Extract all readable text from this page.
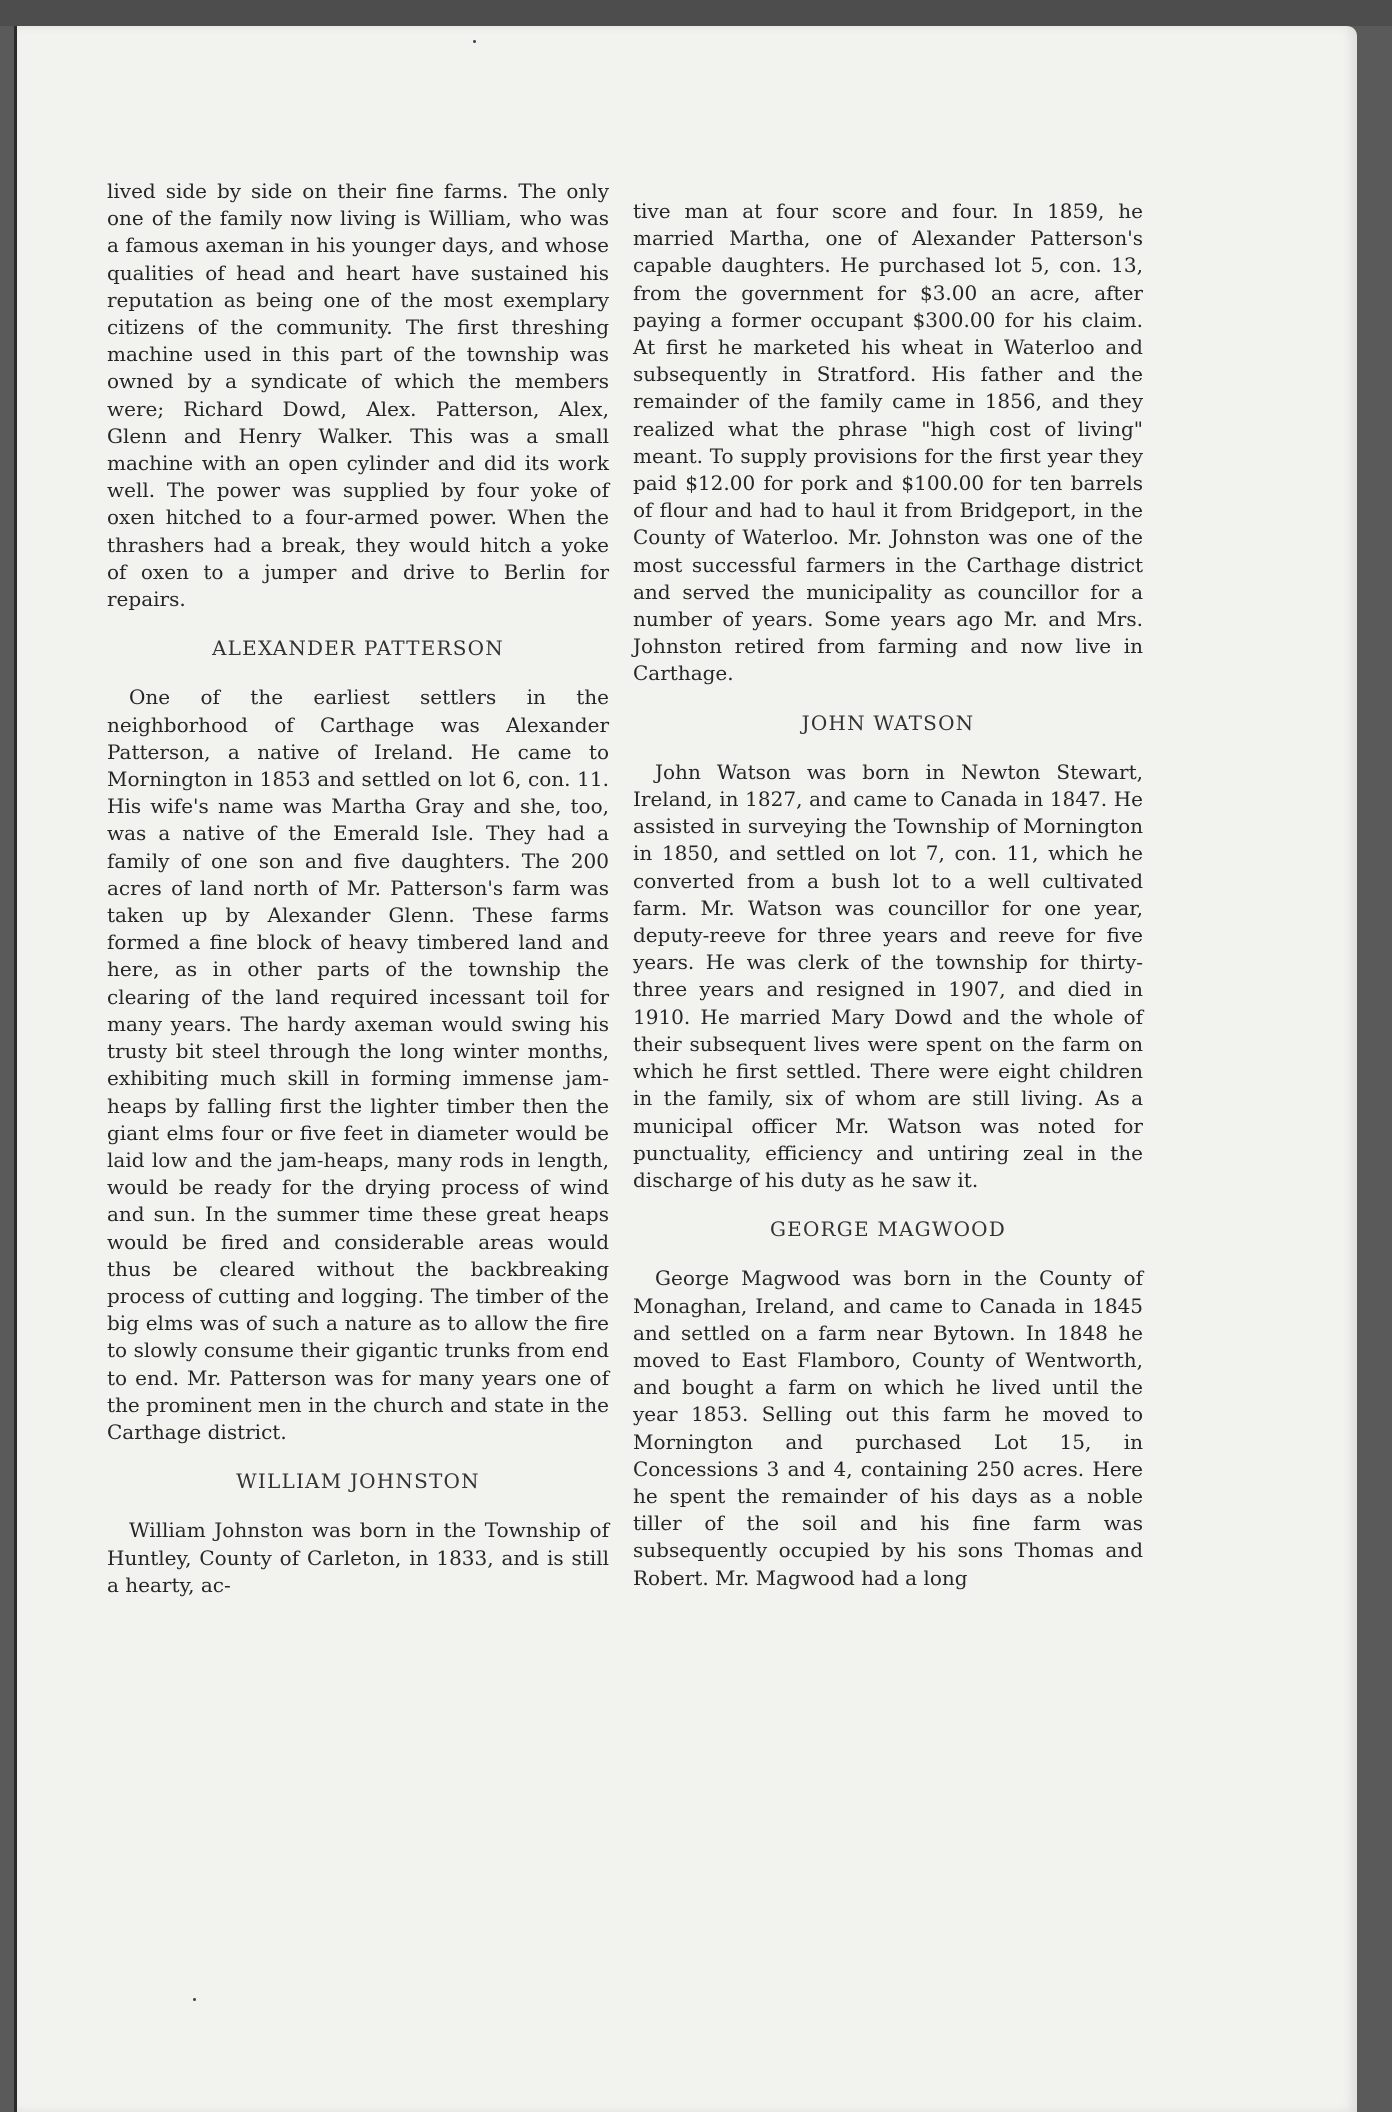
lived side by side on their fine farms. The only one of the family now living is William, who was a famous axeman in his younger days, and whose qualities of head and heart have sustained his reputation as being one of the most exemplary citizens of the community. The first threshing machine used in this part of the township was owned by a syndicate of which the members were; Richard Dowd, Alex. Patterson, Alex, Glenn and Henry Walker. This was a small machine with an open cylinder and did its work well. The power was supplied by four yoke of oxen hitched to a four-armed power. When the thrashers had a break, they would hitch a yoke of oxen to a jumper and drive to Berlin for repairs.

ALEXANDER PATTERSON

One of the earliest settlers in the neighborhood of Carthage was Alexander Patterson, a native of Ireland. He came to Mornington in 1853 and settled on lot 6, con. 11. His wife's name was Martha Gray and she, too, was a native of the Emerald Isle. They had a family of one son and five daughters. The 200 acres of land north of Mr. Patterson's farm was taken up by Alexander Glenn. These farms formed a fine block of heavy timbered land and here, as in other parts of the township the clearing of the land required incessant toil for many years. The hardy axeman would swing his trusty bit steel through the long winter months, exhibiting much skill in forming immense jam-heaps by falling first the lighter timber then the giant elms four or five feet in diameter would be laid low and the jam-heaps, many rods in length, would be ready for the drying process of wind and sun. In the summer time these great heaps would be fired and considerable areas would thus be cleared without the backbreaking process of cutting and logging. The timber of the big elms was of such a nature as to allow the fire to slowly consume their gigantic trunks from end to end. Mr. Patterson was for many years one of the prominent men in the church and state in the Carthage district.

WILLIAM JOHNSTON

William Johnston was born in the Township of Huntley, County of Carleton, in 1833, and is still a hearty, ac-

tive man at four score and four. In 1859, he married Martha, one of Alexander Patterson's capable daughters. He purchased lot 5, con. 13, from the government for $3.00 an acre, after paying a former occupant $300.00 for his claim. At first he marketed his wheat in Waterloo and subsequently in Stratford. His father and the remainder of the family came in 1856, and they realized what the phrase "high cost of living" meant. To supply provisions for the first year they paid $12.00 for pork and $100.00 for ten barrels of flour and had to haul it from Bridgeport, in the County of Waterloo. Mr. Johnston was one of the most successful farmers in the Carthage district and served the municipality as councillor for a number of years. Some years ago Mr. and Mrs. Johnston retired from farming and now live in Carthage.

JOHN WATSON

John Watson was born in Newton Stewart, Ireland, in 1827, and came to Canada in 1847. He assisted in surveying the Township of Mornington in 1850, and settled on lot 7, con. 11, which he converted from a bush lot to a well cultivated farm. Mr. Watson was councillor for one year, deputy-reeve for three years and reeve for five years. He was clerk of the township for thirty-three years and resigned in 1907, and died in 1910. He married Mary Dowd and the whole of their subsequent lives were spent on the farm on which he first settled. There were eight children in the family, six of whom are still living. As a municipal officer Mr. Watson was noted for punctuality, efficiency and untiring zeal in the discharge of his duty as he saw it.

GEORGE MAGWOOD

George Magwood was born in the County of Monaghan, Ireland, and came to Canada in 1845 and settled on a farm near Bytown. In 1848 he moved to East Flamboro, County of Wentworth, and bought a farm on which he lived until the year 1853. Selling out this farm he moved to Mornington and purchased Lot 15, in Concessions 3 and 4, containing 250 acres. Here he spent the remainder of his days as a noble tiller of the soil and his fine farm was subsequently occupied by his sons Thomas and Robert. Mr. Magwood had a long
